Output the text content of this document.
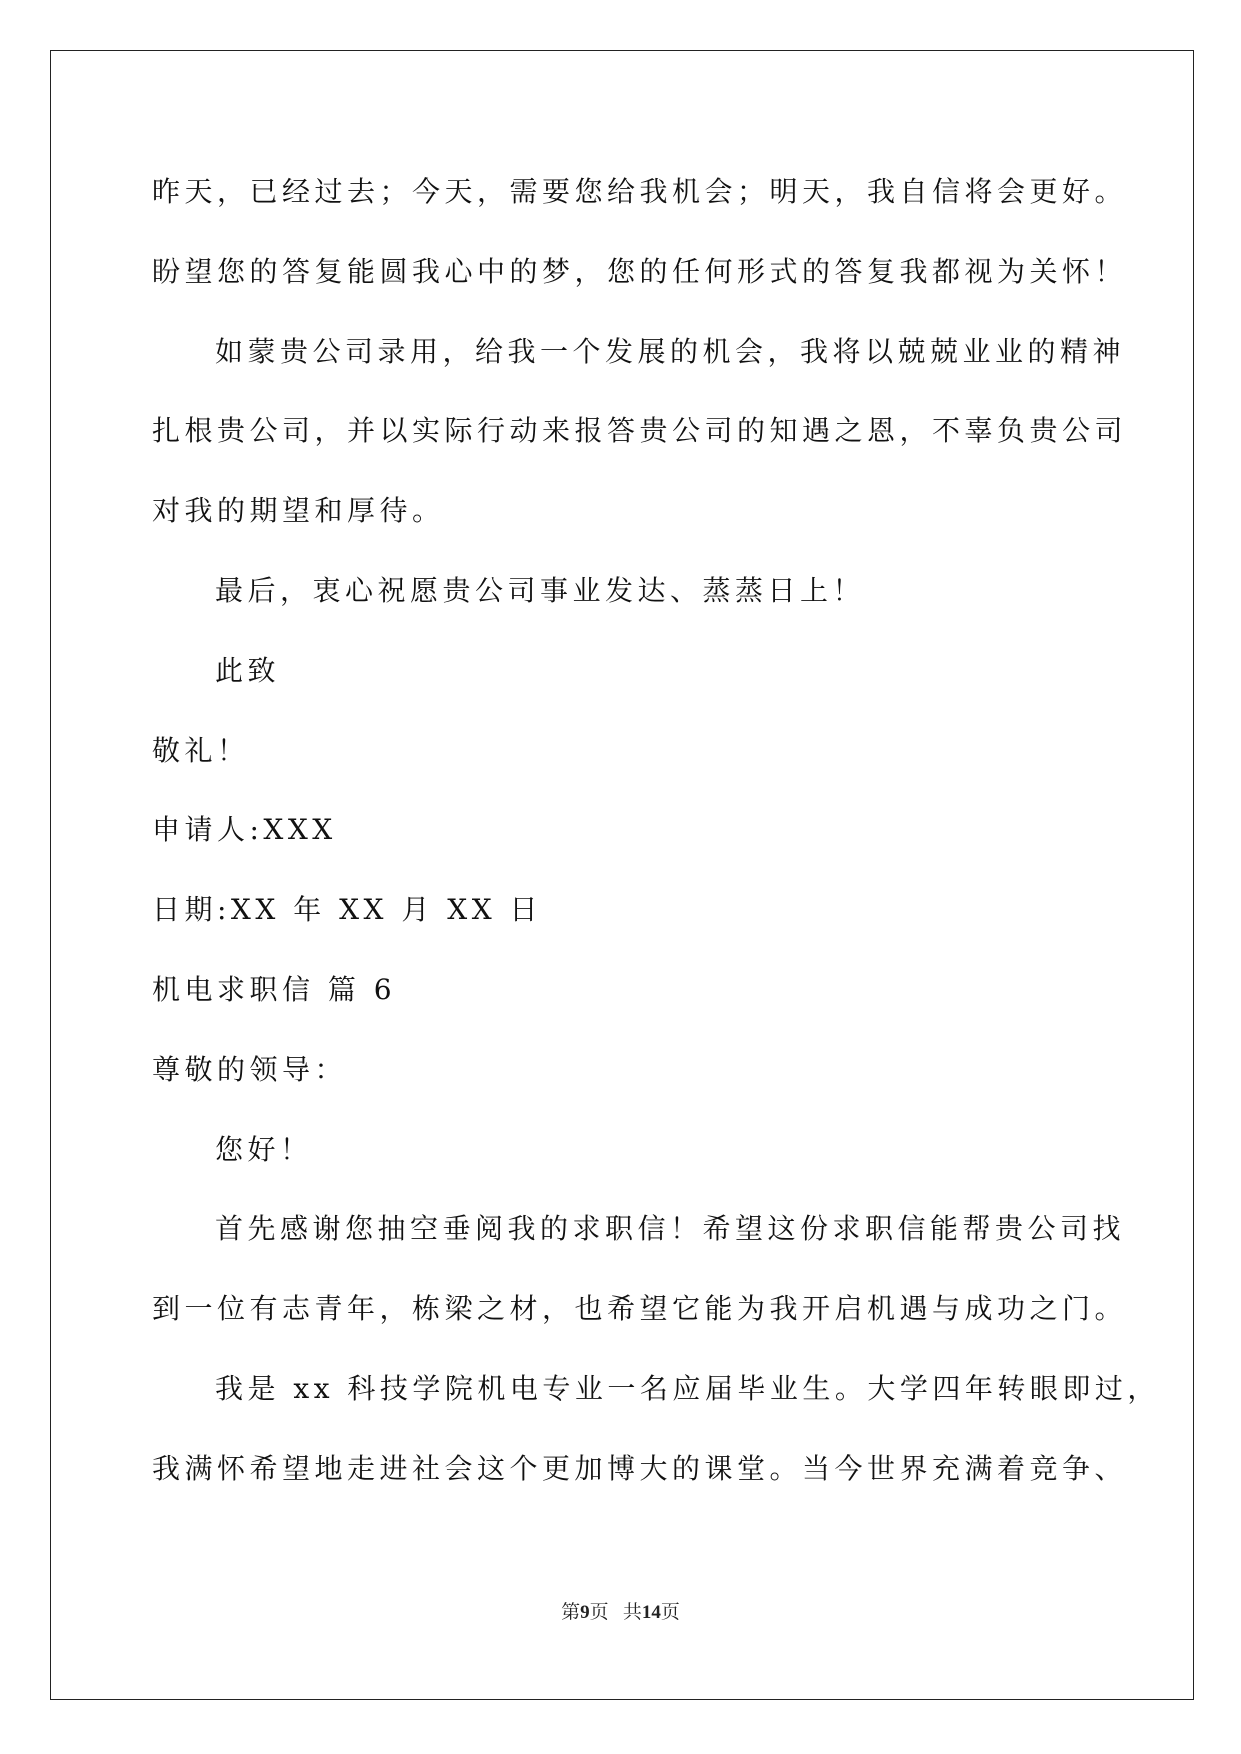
昨天，已经过去；今天，需要您给我机会；明天，我自信将会更好。

盼望您的答复能圆我心中的梦，您的任何形式的答复我都视为关怀！

如蒙贵公司录用，给我一个发展的机会，我将以兢兢业业的精神

扎根贵公司，并以实际行动来报答贵公司的知遇之恩，不辜负贵公司

对我的期望和厚待。

最后，衷心祝愿贵公司事业发达、蒸蒸日上！

此致

敬礼！

申请人:XXX

日期:XX 年 XX 月 XX 日

机电求职信 篇 6

尊敬的领导：

您好！

首先感谢您抽空垂阅我的求职信！希望这份求职信能帮贵公司找

到一位有志青年，栋梁之材，也希望它能为我开启机遇与成功之门。

我是 xx 科技学院机电专业一名应届毕业生。大学四年转眼即过，

我满怀希望地走进社会这个更加博大的课堂。当今世界充满着竞争、

第9页 共14页
